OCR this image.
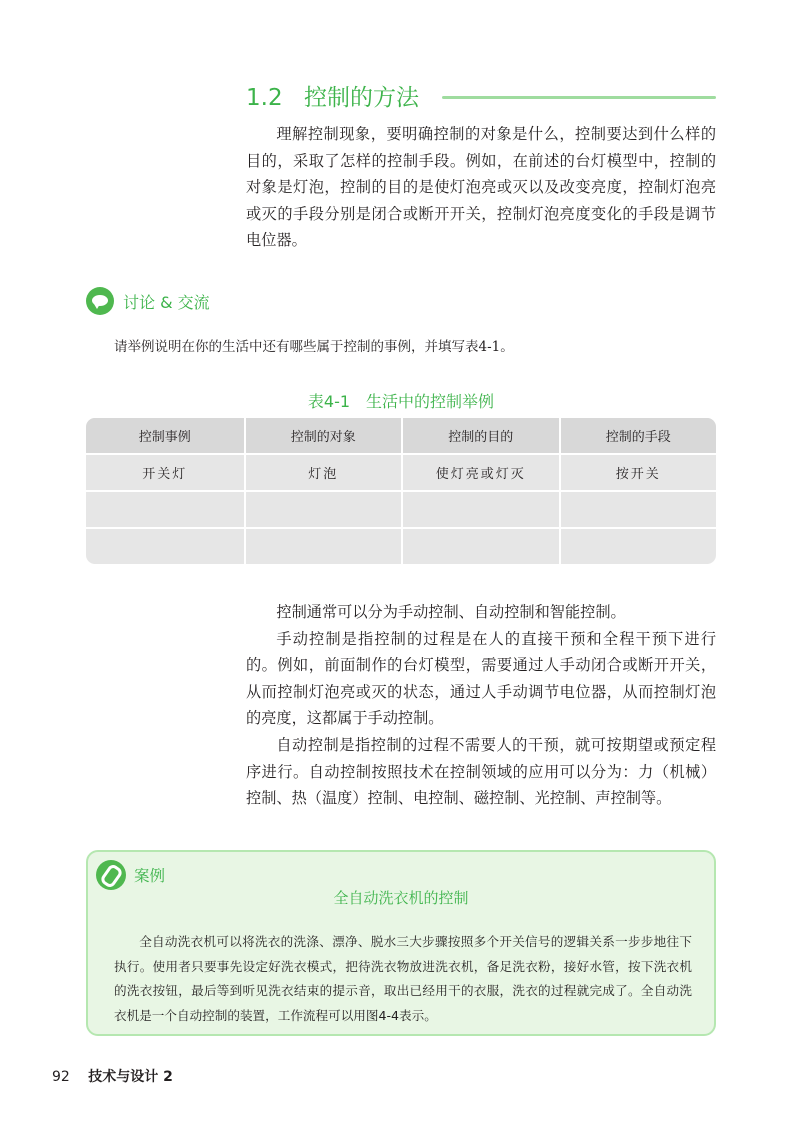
1.2 控制的方法
理解控制现象，要明确控制的对象是什么，控制要达到什么样的目的，采取了怎样的控制手段。例如，在前述的台灯模型中，控制的对象是灯泡，控制的目的是使灯泡亮或灭以及改变亮度，控制灯泡亮或灭的手段分别是闭合或断开开关，控制灯泡亮度变化的手段是调节电位器。
讨论 & 交流
请举例说明在你的生活中还有哪些属于控制的事例，并填写表4-1。
表4-1　生活中的控制举例
控制事例	控制的对象	控制的目的	控制的手段
开关灯	灯泡	使灯亮或灯灭	按开关
控制通常可以分为手动控制、自动控制和智能控制。
手动控制是指控制的过程是在人的直接干预和全程干预下进行的。例如，前面制作的台灯模型，需要通过人手动闭合或断开开关，从而控制灯泡亮或灭的状态，通过人手动调节电位器，从而控制灯泡的亮度，这都属于手动控制。
自动控制是指控制的过程不需要人的干预，就可按期望或预定程序进行。自动控制按照技术在控制领域的应用可以分为：力（机械）控制、热（温度）控制、电控制、磁控制、光控制、声控制等。
案例
全自动洗衣机的控制
全自动洗衣机可以将洗衣的洗涤、漂净、脱水三大步骤按照多个开关信号的逻辑关系一步步地往下执行。使用者只要事先设定好洗衣模式，把待洗衣物放进洗衣机，备足洗衣粉，接好水管，按下洗衣机的洗衣按钮，最后等到听见洗衣结束的提示音，取出已经用干的衣服，洗衣的过程就完成了。全自动洗衣机是一个自动控制的装置，工作流程可以用图4-4表示。
92 技术与设计 2
